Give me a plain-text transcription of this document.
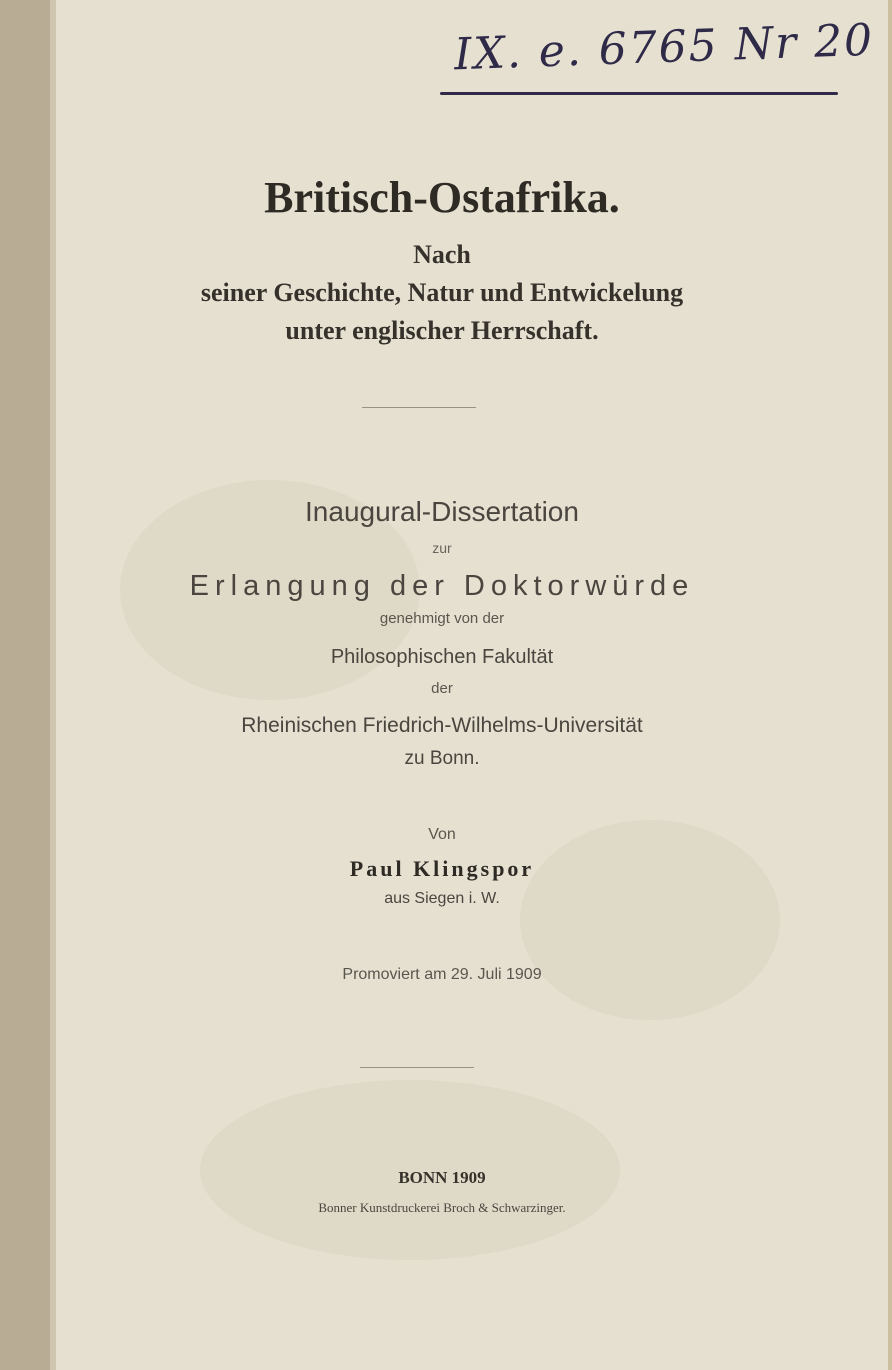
IX. e. 6765 Nr 20
Britisch-Ostafrika.
Nach
seiner Geschichte, Natur und Entwickelung
unter englischer Herrschaft.
Inaugural-Dissertation
zur
Erlangung der Doktorwürde
genehmigt von der
Philosophischen Fakultät
der
Rheinischen Friedrich-Wilhelms-Universität
zu Bonn.
Von
Paul Klingspor
aus Siegen i. W.
Promoviert am 29. Juli 1909
BONN 1909
Bonner Kunstdruckerei Broch & Schwarzinger.
